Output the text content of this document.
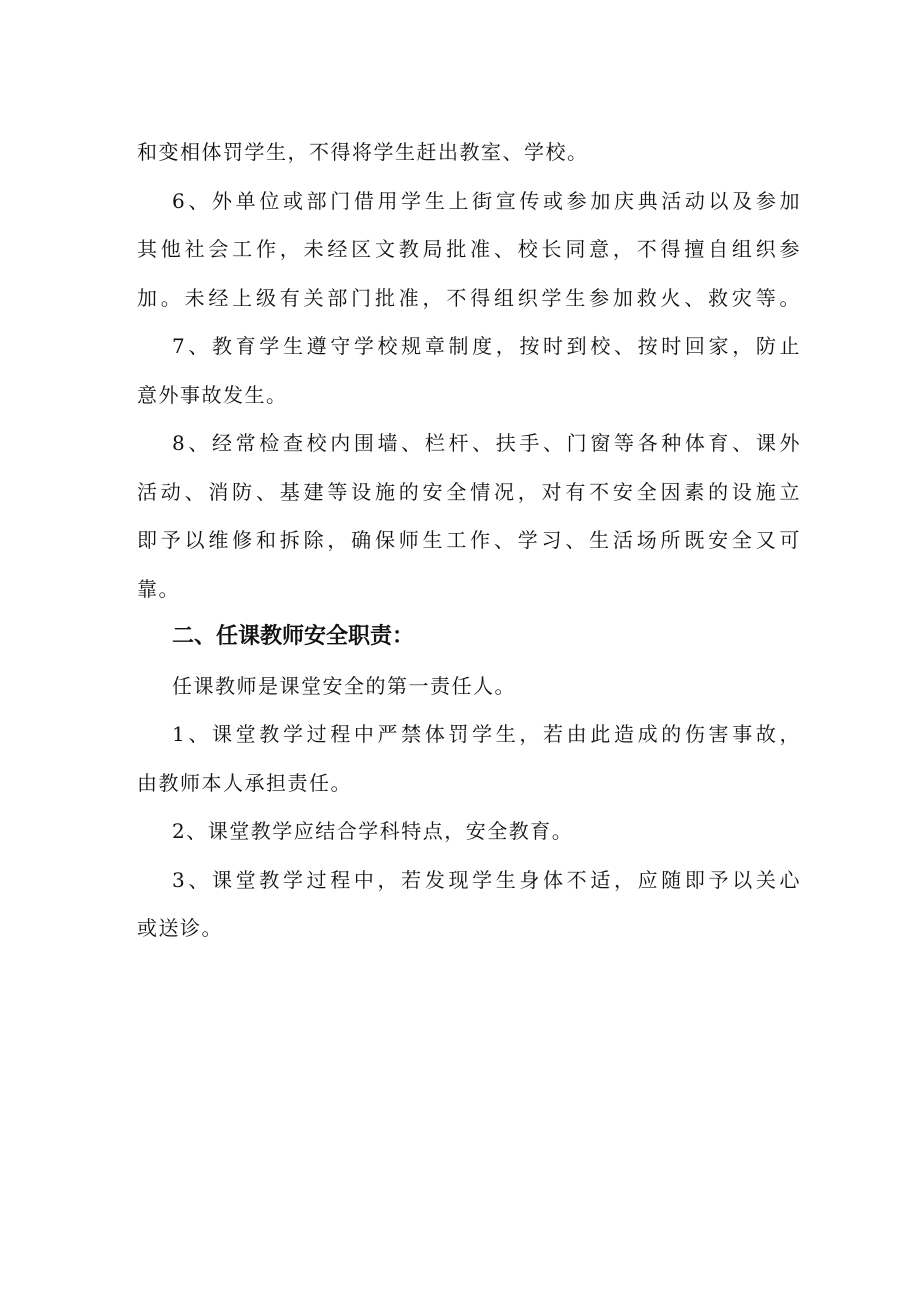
和变相体罚学生，不得将学生赶出教室、学校。
6、外单位或部门借用学生上街宣传或参加庆典活动以及参加
其他社会工作，未经区文教局批准、校长同意，不得擅自组织参
加。未经上级有关部门批准，不得组织学生参加救火、救灾等。
7、教育学生遵守学校规章制度，按时到校、按时回家，防止
意外事故发生。
8、经常检查校内围墙、栏杆、扶手、门窗等各种体育、课外
活动、消防、基建等设施的安全情况，对有不安全因素的设施立
即予以维修和拆除，确保师生工作、学习、生活场所既安全又可
靠。
二、任课教师安全职责：
任课教师是课堂安全的第一责任人。
1、课堂教学过程中严禁体罚学生，若由此造成的伤害事故，
由教师本人承担责任。
2、课堂教学应结合学科特点，安全教育。
3、课堂教学过程中，若发现学生身体不适，应随即予以关心
或送诊。
